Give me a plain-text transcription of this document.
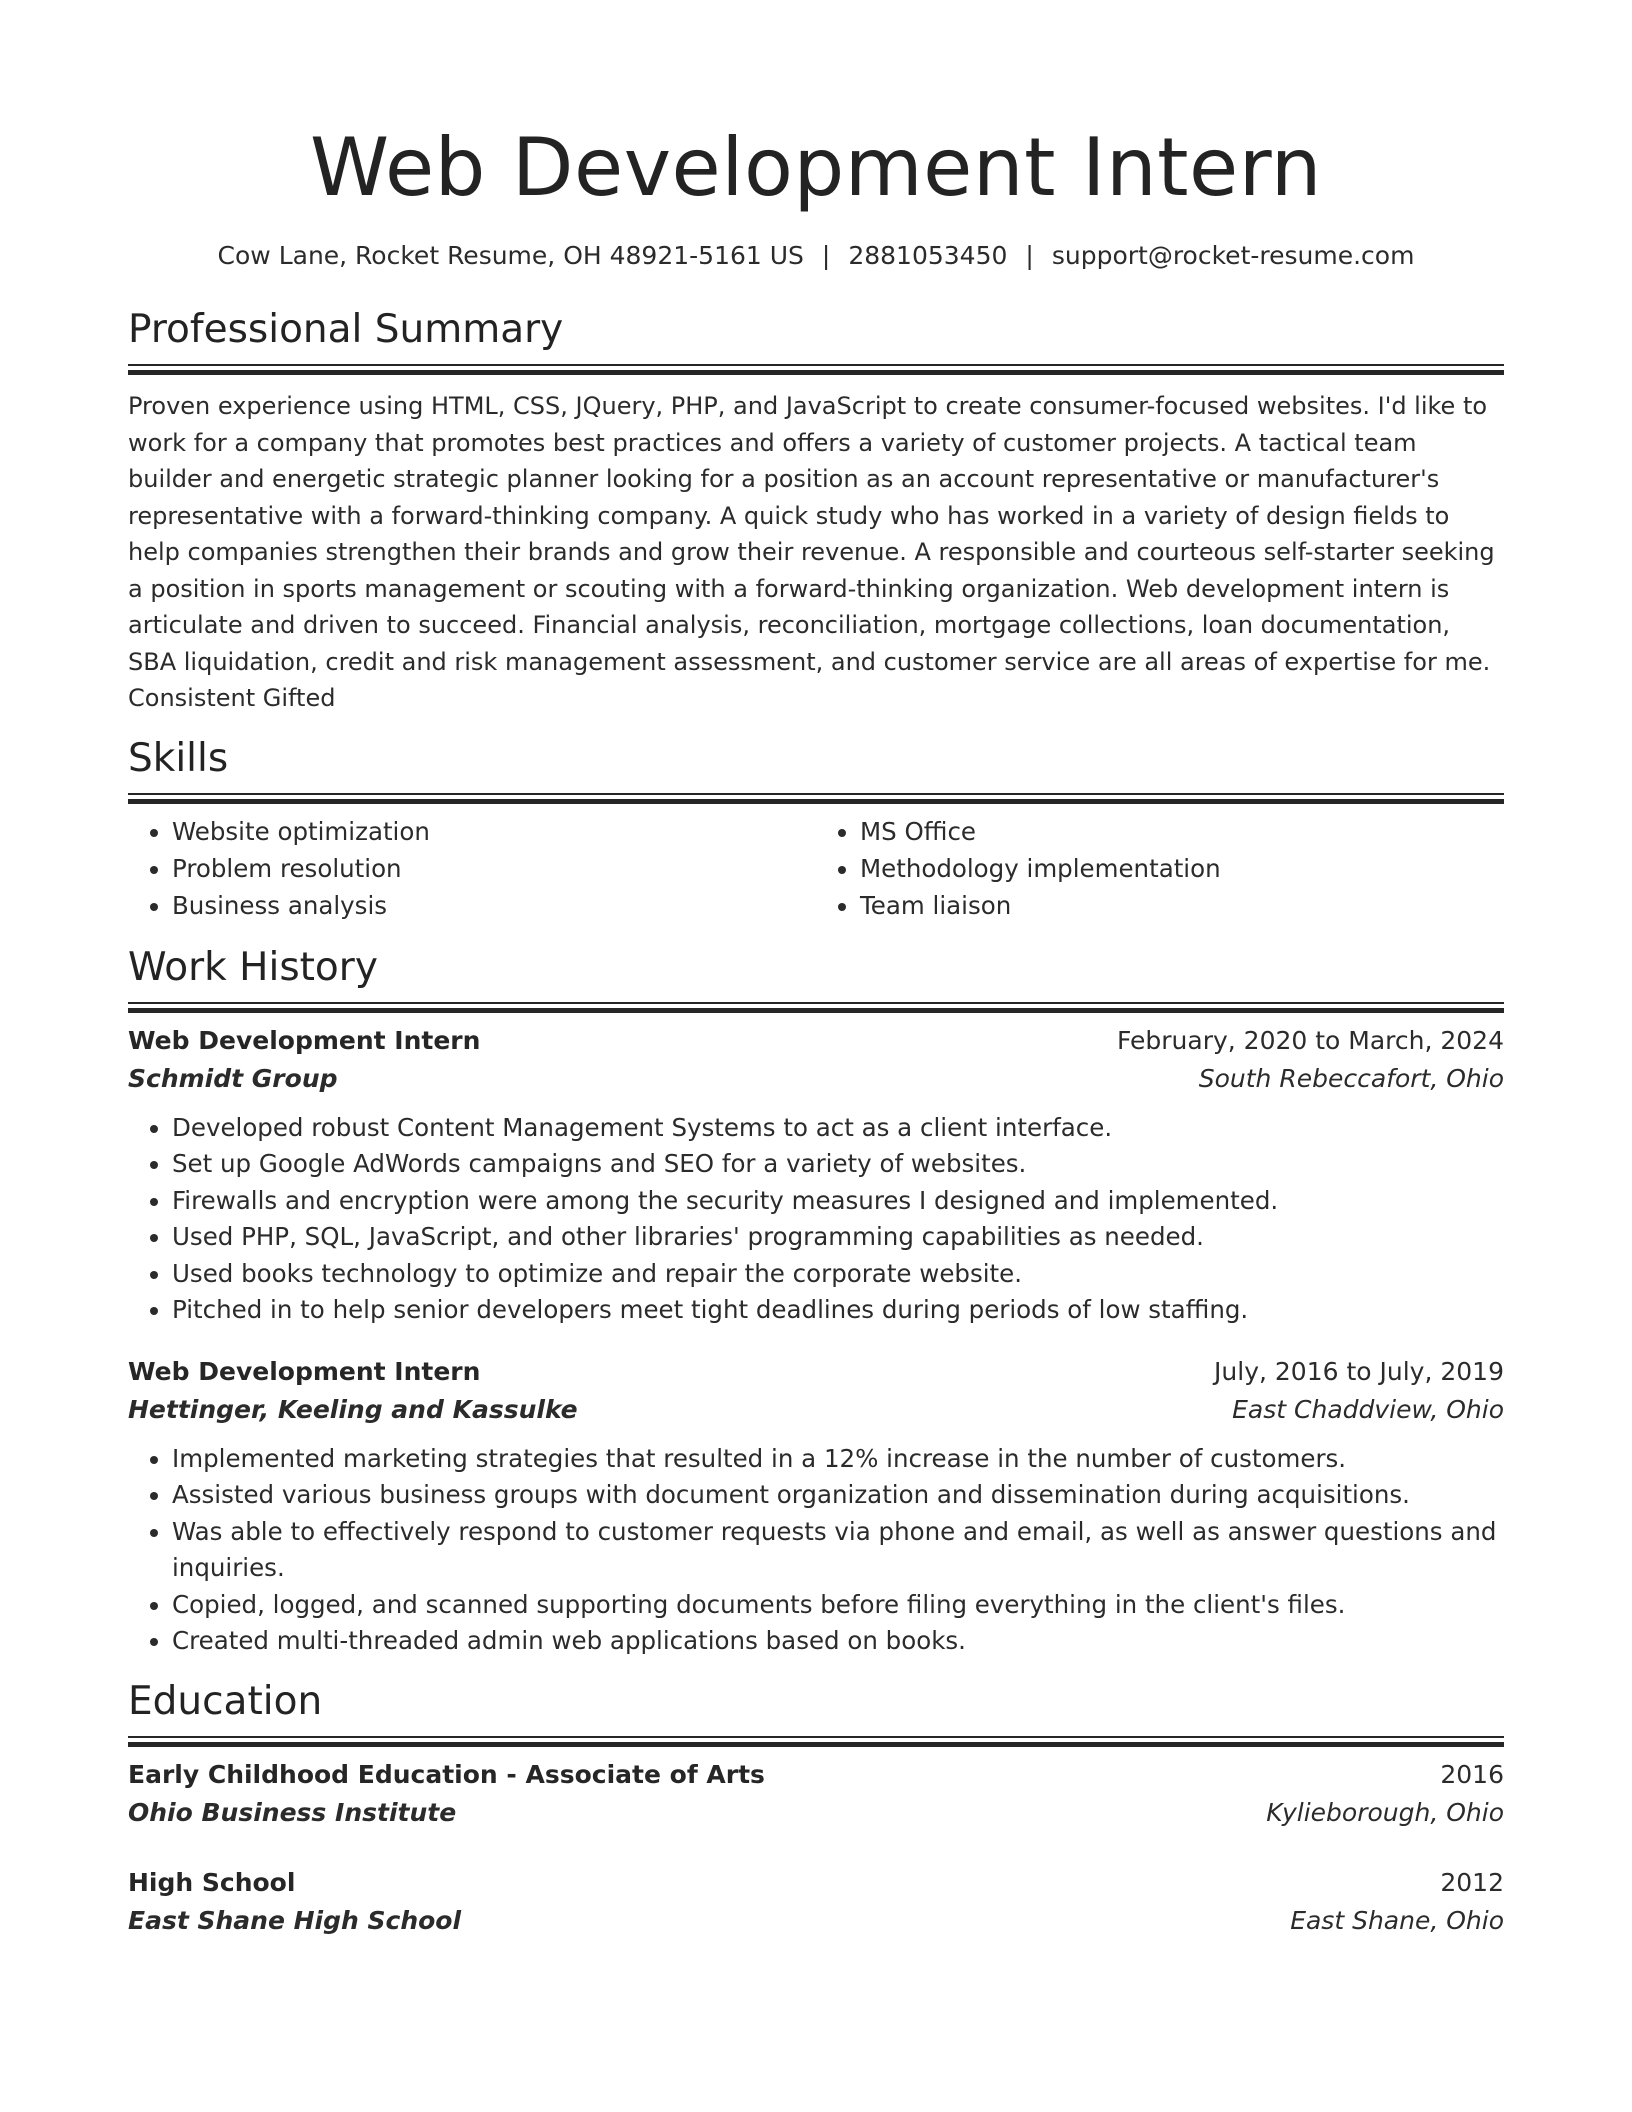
Web Development Intern
Cow Lane, Rocket Resume, OH 48921-5161 US | 2881053450 | support@rocket-resume.com
Professional Summary
Proven experience using HTML, CSS, JQuery, PHP, and JavaScript to create consumer-focused websites. I'd like to work for a company that promotes best practices and offers a variety of customer projects. A tactical team builder and energetic strategic planner looking for a position as an account representative or manufacturer's representative with a forward-thinking company. A quick study who has worked in a variety of design fields to help companies strengthen their brands and grow their revenue. A responsible and courteous self-starter seeking a position in sports management or scouting with a forward-thinking organization. Web development intern is articulate and driven to succeed. Financial analysis, reconciliation, mortgage collections, loan documentation, SBA liquidation, credit and risk management assessment, and customer service are all areas of expertise for me. Consistent Gifted
Skills
• Website optimization
• Problem resolution
• Business analysis
• MS Office
• Methodology implementation
• Team liaison
Work History
Web Development Intern	February, 2020 to March, 2024
Schmidt Group	South Rebeccafort, Ohio
• Developed robust Content Management Systems to act as a client interface.
• Set up Google AdWords campaigns and SEO for a variety of websites.
• Firewalls and encryption were among the security measures I designed and implemented.
• Used PHP, SQL, JavaScript, and other libraries' programming capabilities as needed.
• Used books technology to optimize and repair the corporate website.
• Pitched in to help senior developers meet tight deadlines during periods of low staffing.
Web Development Intern	July, 2016 to July, 2019
Hettinger, Keeling and Kassulke	East Chaddview, Ohio
• Implemented marketing strategies that resulted in a 12% increase in the number of customers.
• Assisted various business groups with document organization and dissemination during acquisitions.
• Was able to effectively respond to customer requests via phone and email, as well as answer questions and inquiries.
• Copied, logged, and scanned supporting documents before filing everything in the client's files.
• Created multi-threaded admin web applications based on books.
Education
Early Childhood Education - Associate of Arts	2016
Ohio Business Institute	Kylieborough, Ohio
High School	2012
East Shane High School	East Shane, Ohio
